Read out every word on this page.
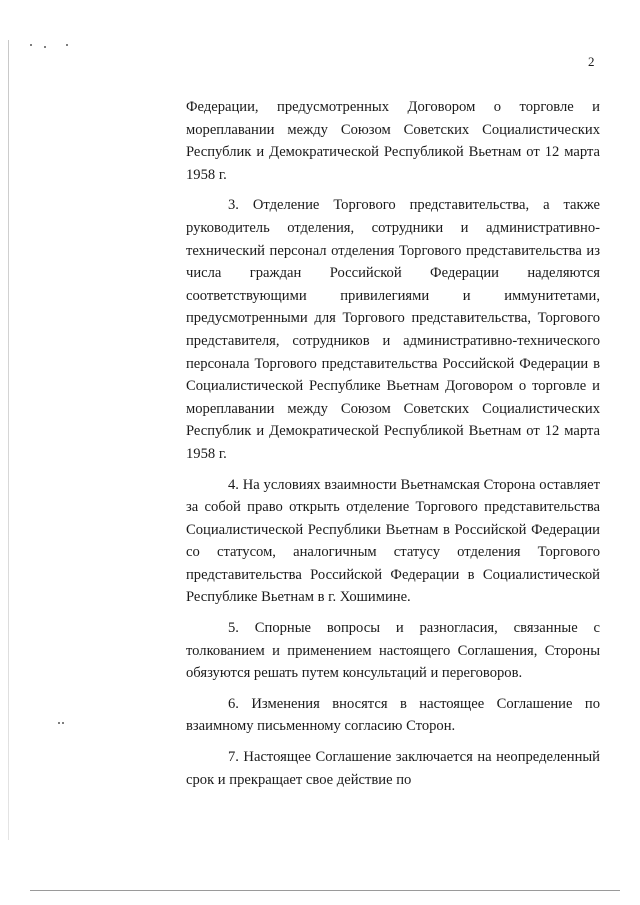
2

Федерации, предусмотренных Договором о торговле и мореплавании между Союзом Советских Социалистических Республик и Демократической Республикой Вьетнам от 12 марта 1958 г.

3. Отделение Торгового представительства, а также руководитель отделения, сотрудники и административно-технический персонал отделения Торгового представительства из числа граждан Российской Федерации наделяются соответствующими привилегиями и иммунитетами, предусмотренными для Торгового представительства, Торгового представителя, сотрудников и административно-технического персонала Торгового представительства Российской Федерации в Социалистической Республике Вьетнам Договором о торговле и мореплавании между Союзом Советских Социалистических Республик и Демократической Республикой Вьетнам от 12 марта 1958 г.

4. На условиях взаимности Вьетнамская Сторона оставляет за собой право открыть отделение Торгового представительства Социалистической Республики Вьетнам в Российской Федерации со статусом, аналогичным статусу отделения Торгового представительства Российской Федерации в Социалистической Республике Вьетнам в г. Хошимине.

5. Спорные вопросы и разногласия, связанные с толкованием и применением настоящего Соглашения, Стороны обязуются решать путем консультаций и переговоров.

6. Изменения вносятся в настоящее Соглашение по взаимному письменному согласию Сторон.

7. Настоящее Соглашение заключается на неопределенный срок и прекращает свое действие по
